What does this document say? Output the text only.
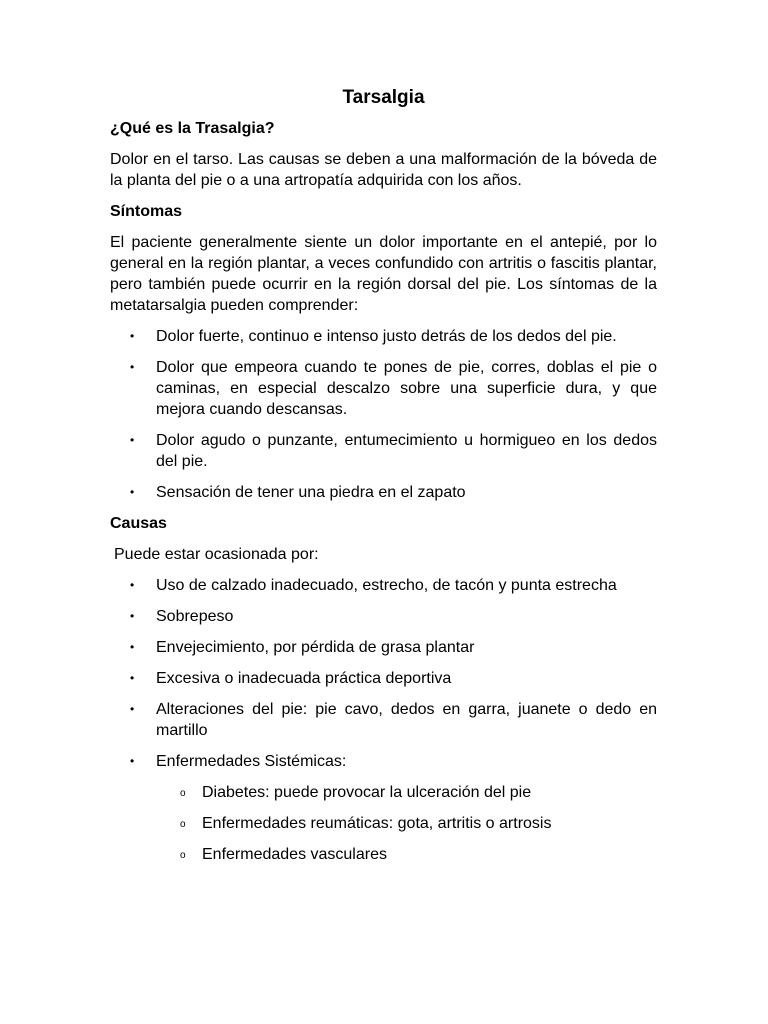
Tarsalgia
¿Qué es la Trasalgia?
Dolor en el tarso. Las causas se deben a una malformación de la bóveda de la planta del pie o a una artropatía adquirida con los años.
Síntomas
El paciente generalmente siente un dolor importante en el antepié, por lo general en la región plantar, a veces confundido con artritis o fascitis plantar, pero también puede ocurrir en la región dorsal del pie. Los síntomas de la metatarsalgia pueden comprender:
• Dolor fuerte, continuo e intenso justo detrás de los dedos del pie.
• Dolor que empeora cuando te pones de pie, corres, doblas el pie o caminas, en especial descalzo sobre una superficie dura, y que mejora cuando descansas.
• Dolor agudo o punzante, entumecimiento u hormigueo en los dedos del pie.
• Sensación de tener una piedra en el zapato
Causas
Puede estar ocasionada por:
• Uso de calzado inadecuado, estrecho, de tacón y punta estrecha
• Sobrepeso
• Envejecimiento, por pérdida de grasa plantar
• Excesiva o inadecuada práctica deportiva
• Alteraciones del pie: pie cavo, dedos en garra, juanete o dedo en martillo
• Enfermedades Sistémicas:
o Diabetes: puede provocar la ulceración del pie
o Enfermedades reumáticas: gota, artritis o artrosis
o Enfermedades vasculares
